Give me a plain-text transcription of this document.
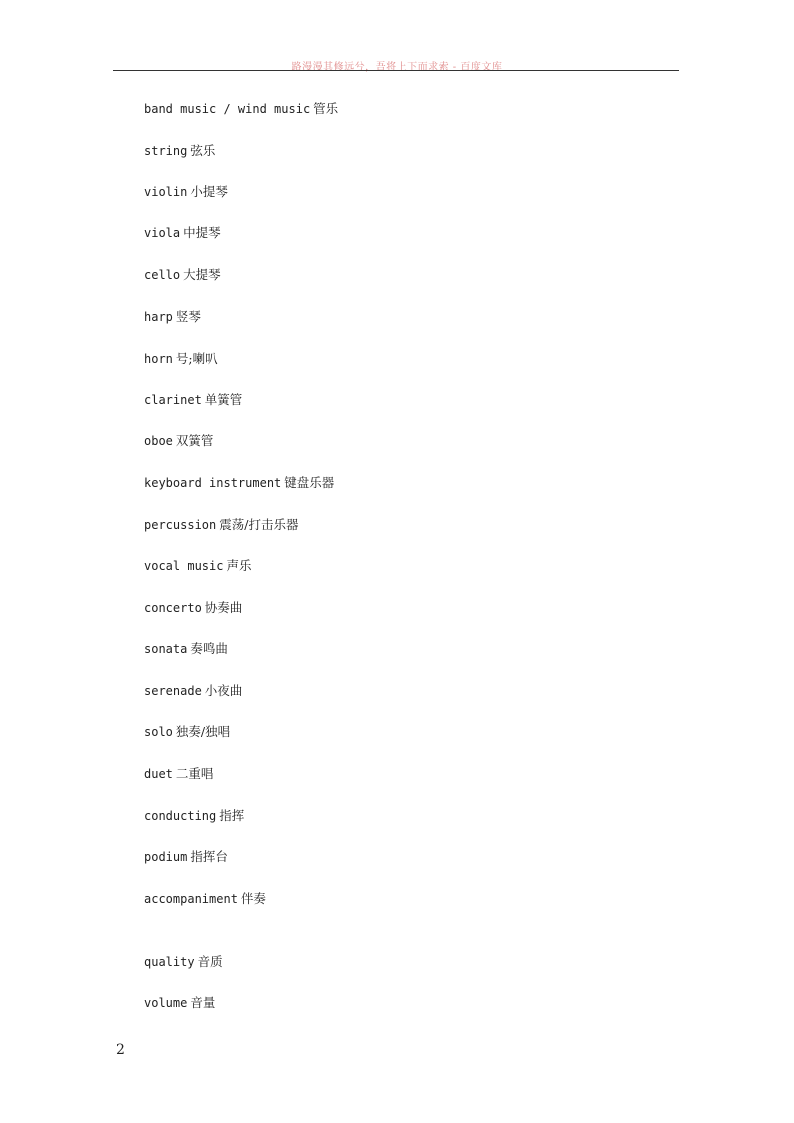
路漫漫其修远兮，吾将上下而求索 - 百度文库
band music / wind music 管乐
string 弦乐
violin 小提琴
viola 中提琴
cello 大提琴
harp 竖琴
horn 号;喇叭
clarinet 单簧管
oboe 双簧管
keyboard instrument 键盘乐器
percussion 震荡/打击乐器
vocal music 声乐
concerto 协奏曲
sonata 奏鸣曲
serenade 小夜曲
solo 独奏/独唱
duet 二重唱
conducting 指挥
podium 指挥台
accompaniment 伴奏
quality 音质
volume 音量
2
